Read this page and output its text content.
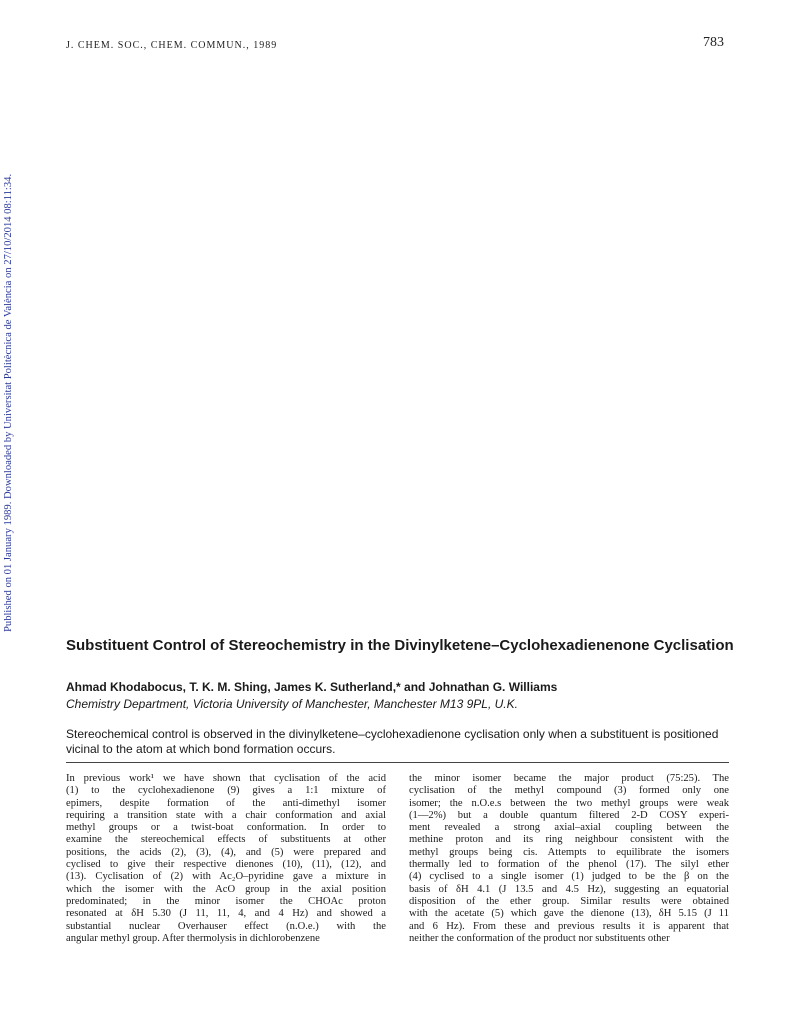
J. CHEM. SOC., CHEM. COMMUN., 1989	783
Published on 01 January 1989. Downloaded by Universitat Politècnica de València on 27/10/2014 08:11:34.
Substituent Control of Stereochemistry in the Divinylketene–Cyclohexadienenone Cyclisation
Ahmad Khodabocus, T. K. M. Shing, James K. Sutherland,* and Johnathan G. Williams
Chemistry Department, Victoria University of Manchester, Manchester M13 9PL, U.K.

Stereochemical control is observed in the divinylketene–cyclohexadienone cyclisation only when a substituent is positioned vicinal to the atom at which bond formation occurs.

In previous work¹ we have shown that cyclisation of the acid
(1) to the cyclohexadienone (9) gives a 1:1 mixture of
epimers, despite formation of the anti-dimethyl isomer
requiring a transition state with a chair conformation and axial
methyl groups or a twist-boat conformation. In order to
examine the stereochemical effects of substituents at other
positions, the acids (2), (3), (4), and (5) were prepared and
cyclised to give their respective dienones (10), (11), (12), and
(13). Cyclisation of (2) with Ac₂O–pyridine gave a mixture in
which the isomer with the AcO group in the axial position
predominated; in the minor isomer the CHOAc proton
resonated at δH 5.30 (J 11, 11, 4, and 4 Hz) and showed a
substantial nuclear Overhauser effect (n.O.e.) with the
angular methyl group. After thermolysis in dichlorobenzene
the minor isomer became the major product (75:25). The
cyclisation of the methyl compound (3) formed only one
isomer; the n.O.e.s between the two methyl groups were weak
(1—2%) but a double quantum filtered 2-D COSY experi-
ment revealed a strong axial–axial coupling between the
methine proton and its ring neighbour consistent with the
methyl groups being cis. Attempts to equilibrate the isomers
thermally led to formation of the phenol (17). The silyl ether
(4) cyclised to a single isomer (1) judged to be the β on the
basis of δH 4.1 (J 13.5 and 4.5 Hz), suggesting an equatorial
disposition of the ether group. Similar results were obtained
with the acetate (5) which gave the dienone (13), δH 5.15 (J 11
and 6 Hz). From these and previous results it is apparent that
neither the conformation of the product nor substituents other
